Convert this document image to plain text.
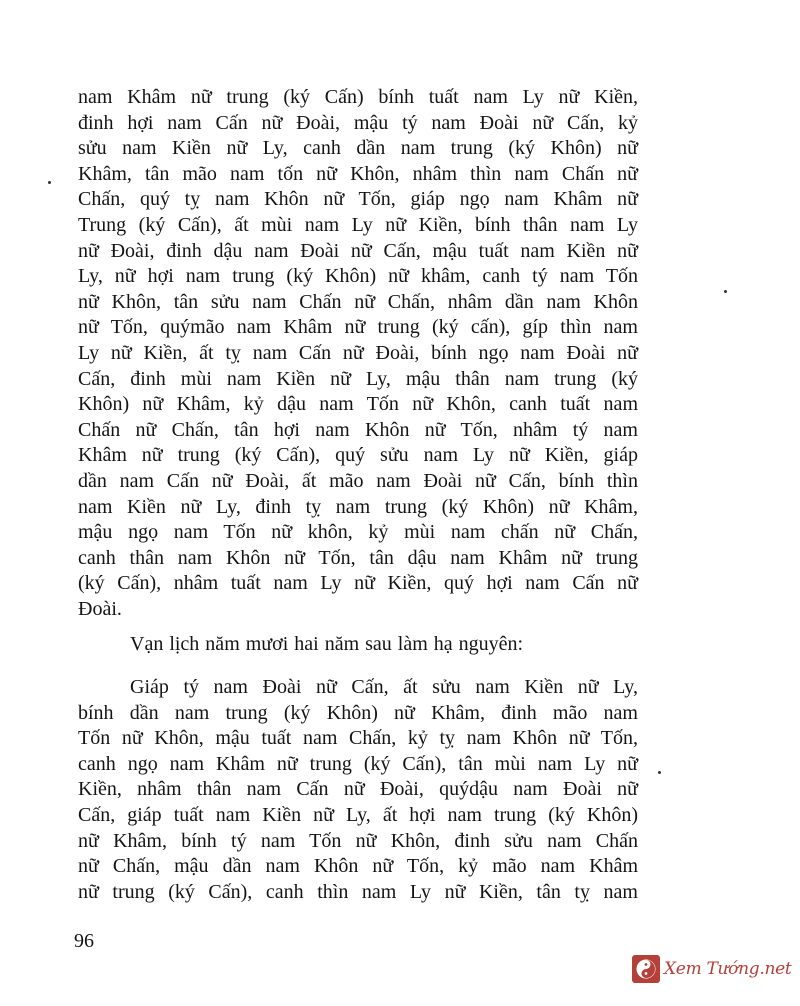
nam Khâm nữ trung (ký Cấn) bính tuất nam Ly nữ Kiền,
đinh hợi nam Cấn nữ Đoài, mậu tý nam Đoài nữ Cấn, kỷ
sửu nam Kiền nữ Ly, canh dần nam trung (ký Khôn) nữ
Khâm, tân mão nam tốn nữ Khôn, nhâm thìn nam Chấn nữ
Chấn, quý tỵ nam Khôn nữ Tốn, giáp ngọ nam Khâm nữ
Trung (ký Cấn), ất mùi nam Ly nữ Kiền, bính thân nam Ly
nữ Đoài, đinh dậu nam Đoài nữ Cấn, mậu tuất nam Kiền nữ
Ly, nữ hợi nam trung (ký Khôn) nữ khâm, canh tý nam Tốn
nữ Khôn, tân sửu nam Chấn nữ Chấn, nhâm dần nam Khôn
nữ Tốn, quýmão nam Khâm nữ trung (ký cấn), gíp thìn nam
Ly nữ Kiền, ất tỵ nam Cấn nữ Đoài, bính ngọ nam Đoài nữ
Cấn, đinh mùi nam Kiền nữ Ly, mậu thân nam trung (ký
Khôn) nữ Khâm, kỷ dậu nam Tốn nữ Khôn, canh tuất nam
Chấn nữ Chấn, tân hợi nam Khôn nữ Tốn, nhâm tý nam
Khâm nữ trung (ký Cấn), quý sửu nam Ly nữ Kiền, giáp
dần nam Cấn nữ Đoài, ất mão nam Đoài nữ Cấn, bính thìn
nam Kiền nữ Ly, đinh tỵ nam trung (ký Khôn) nữ Khâm,
mậu ngọ nam Tốn nữ khôn, kỷ mùi nam chấn nữ Chấn,
canh thân nam Khôn nữ Tốn, tân dậu nam Khâm nữ trung
(ký Cấn), nhâm tuất nam Ly nữ Kiền, quý hợi nam Cấn nữ
Đoài.
Vạn lịch năm mươi hai năm sau làm hạ nguyên:
Giáp tý nam Đoài nữ Cấn, ất sửu nam Kiền nữ Ly,
bính dần nam trung (ký Khôn) nữ Khâm, đinh mão nam
Tốn nữ Khôn, mậu tuất nam Chấn, kỷ tỵ nam Khôn nữ Tốn,
canh ngọ nam Khâm nữ trung (ký Cấn), tân mùi nam Ly nữ
Kiền, nhâm thân nam Cấn nữ Đoài, quýdậu nam Đoài nữ
Cấn, giáp tuất nam Kiền nữ Ly, ất hợi nam trung (ký Khôn)
nữ Khâm, bính tý nam Tốn nữ Khôn, đinh sửu nam Chấn
nữ Chấn, mậu dần nam Khôn nữ Tốn, kỷ mão nam Khâm
nữ trung (ký Cấn), canh thìn nam Ly nữ Kiền, tân tỵ nam
96
Xem Tướng.net
